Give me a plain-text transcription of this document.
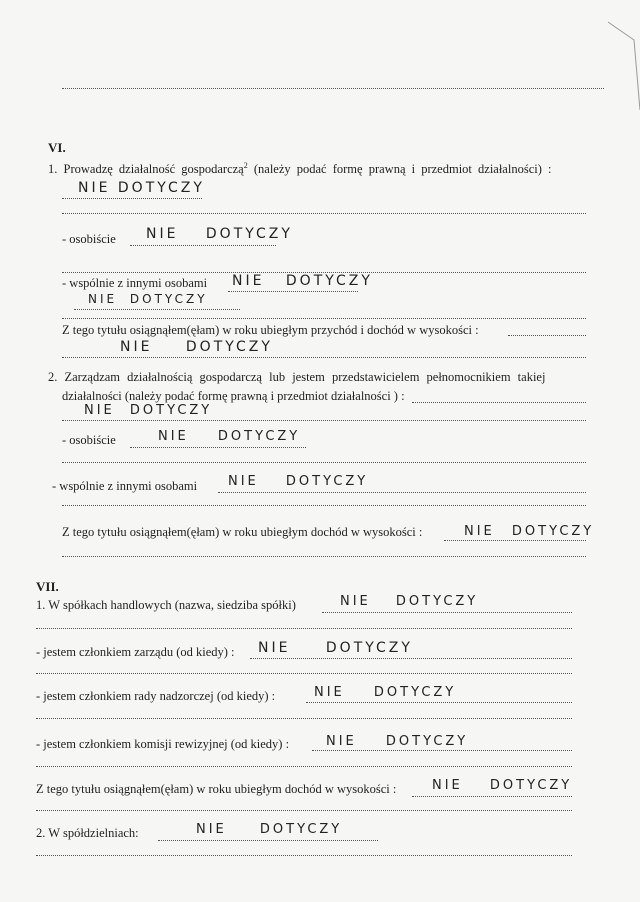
VI.
1. Prowadzę działalność gospodarczą$^2$ (należy podać formę prawną i przedmiot działalności) :
NIE DOTYCZY
- osobiście NIE DOTYCZY
- wspólnie z innymi osobami NIE DOTYCZY
NIE DOTYCZY
Z tego tytułu osiągnąłem(ęłam) w roku ubiegłym przychód i dochód w wysokości :
NIE DOTYCZY
2. Zarządzam działalnością gospodarczą lub jestem przedstawicielem pełnomocnikiem takiej
działalności (należy podać formę prawną i przedmiot działalności ) :
NIE DOTYCZY
- osobiście	NIE DOTYCZY
- wspólnie z innymi osobami NIE DOTYCZY
Z tego tytułu osiągnąłem(ęłam) w roku ubiegłym dochód w wysokości :	NIE DOTYCZY
VII.
1. W spółkach handlowych (nazwa, siedziba spółki)	NIE DOTYCZY
- jestem członkiem zarządu (od kiedy) : NIE DOTYCZY
- jestem członkiem rady nadzorczej (od kiedy) :	NIE DOTYCZY
- jestem członkiem komisji rewizyjnej (od kiedy) :	NIE DOTYCZY
Z tego tytułu osiągnąłem(ęłam) w roku ubiegłym dochód w wysokości :	NIE DOTYCZY
2. W spółdzielniach:	NIE DOTYCZY
